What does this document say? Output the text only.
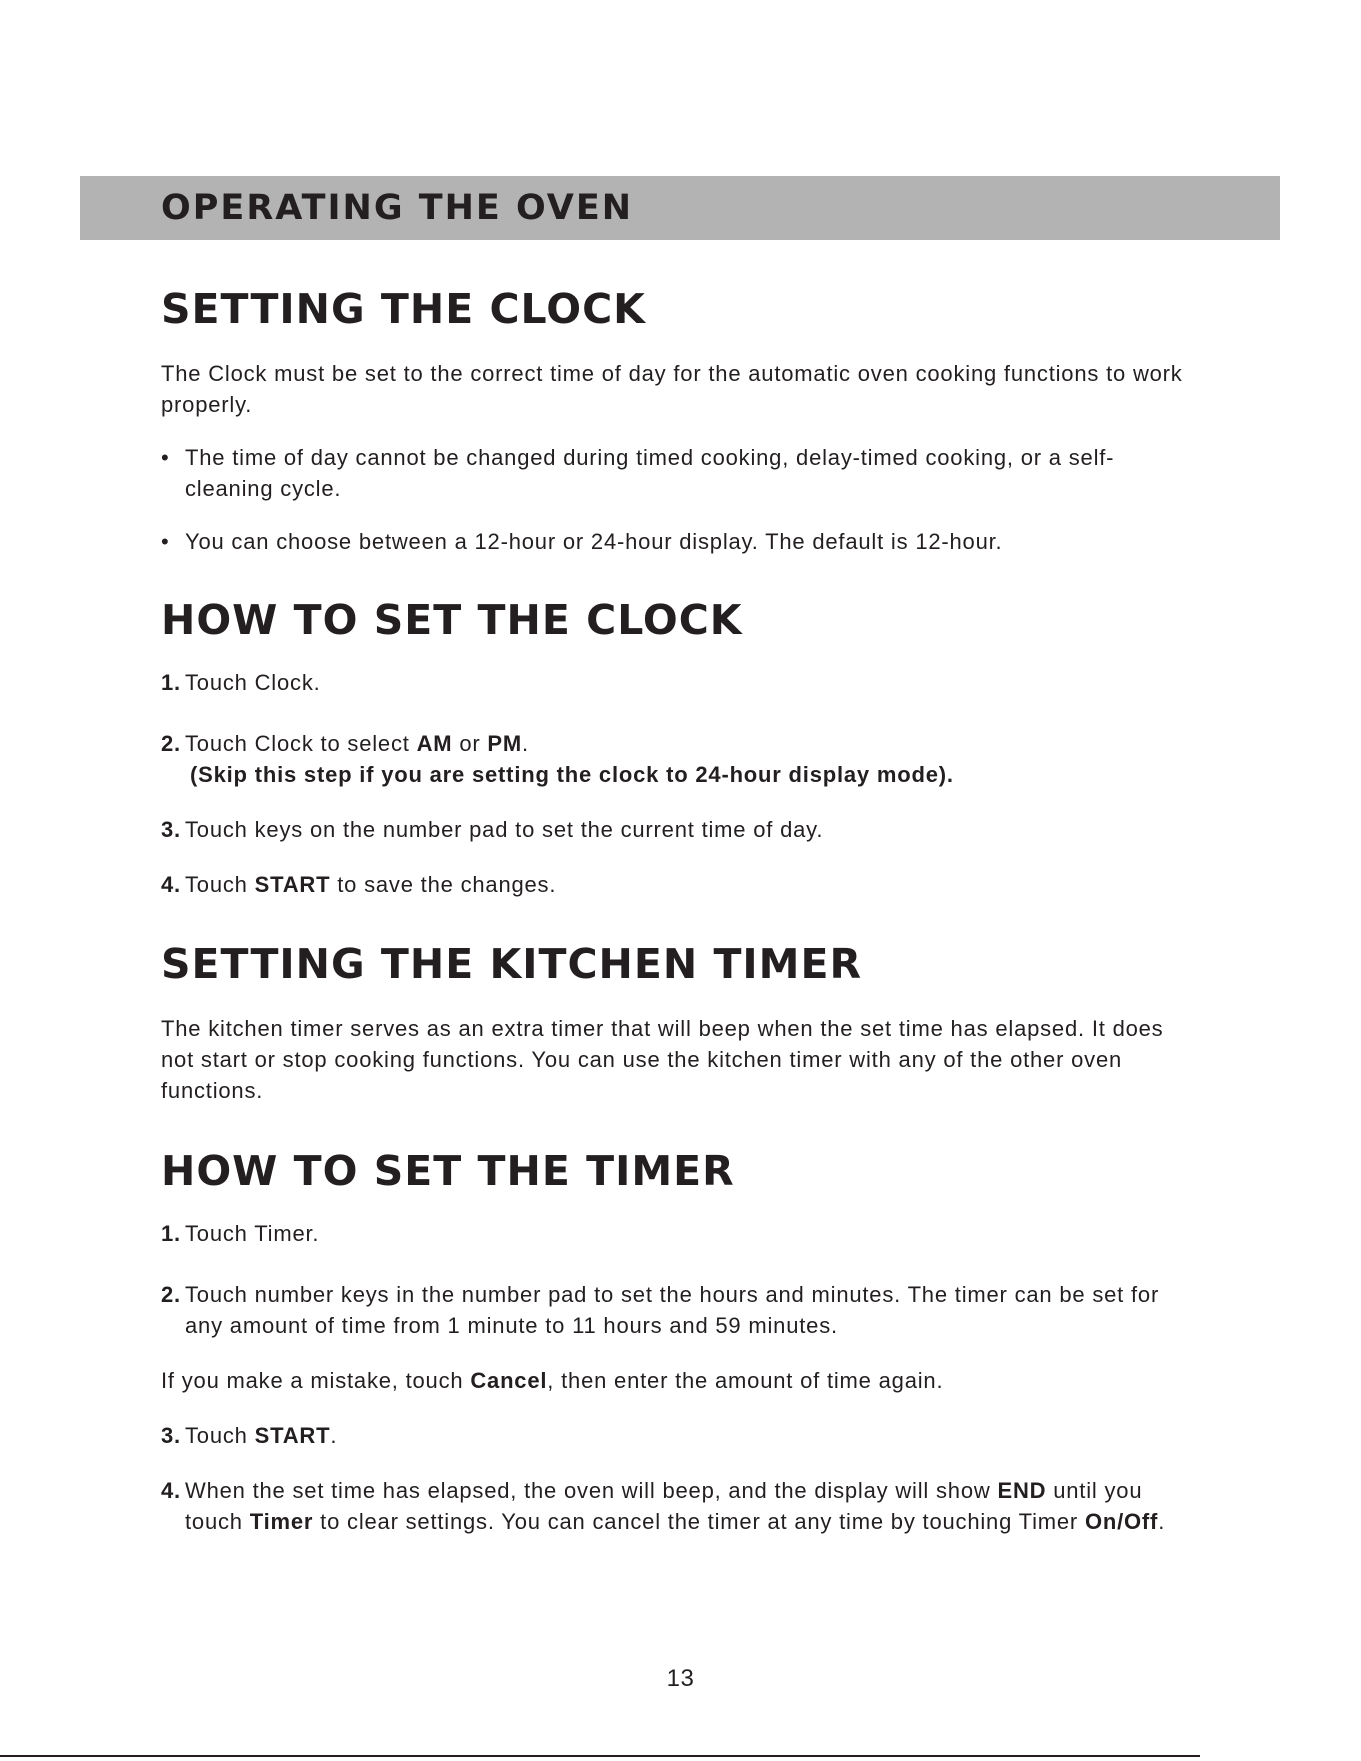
OPERATING THE OVEN
SETTING THE CLOCK

The Clock must be set to the correct time of day for the automatic oven cooking functions to work properly.

• The time of day cannot be changed during timed cooking, delay-timed cooking, or a self-cleaning cycle.
• You can choose between a 12-hour or 24-hour display. The default is 12-hour.
HOW TO SET THE CLOCK
1. Touch Clock.
2. Touch Clock to select AM or PM.
(Skip this step if you are setting the clock to 24-hour display mode).
3. Touch keys on the number pad to set the current time of day.
4. Touch START to save the changes.
SETTING THE KITCHEN TIMER

The kitchen timer serves as an extra timer that will beep when the set time has elapsed. It does not start or stop cooking functions. You can use the kitchen timer with any of the other oven functions.

HOW TO SET THE TIMER
1. Touch Timer.
2. Touch number keys in the number pad to set the hours and minutes. The timer can be set for any amount of time from 1 minute to 11 hours and 59 minutes.

If you make a mistake, touch Cancel, then enter the amount of time again.

3. Touch START.
4. When the set time has elapsed, the oven will beep, and the display will show END until you touch Timer to clear settings. You can cancel the timer at any time by touching Timer On/Off.
13
